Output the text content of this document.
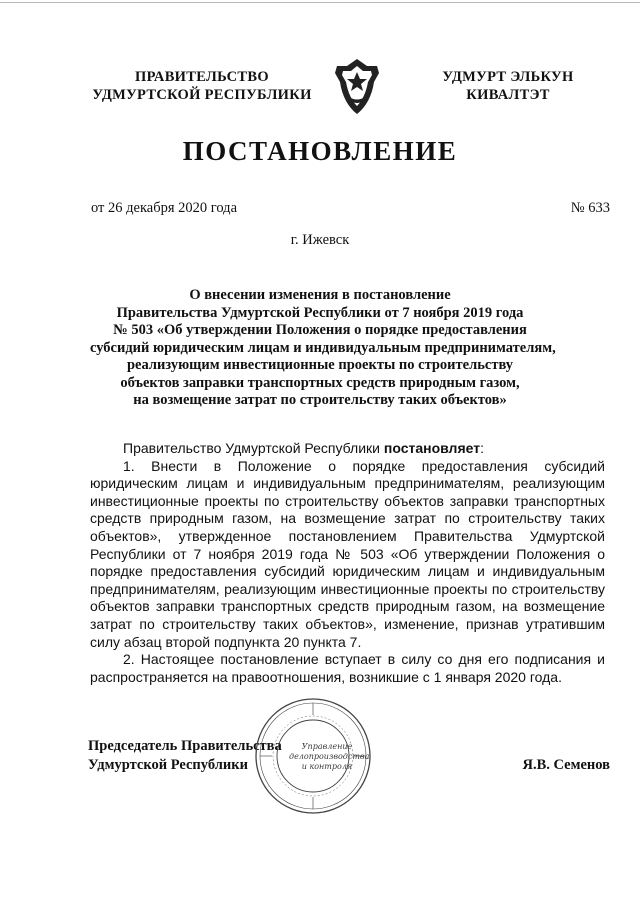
ПРАВИТЕЛЬСТВО
УДМУРТСКОЙ РЕСПУБЛИКИ
УДМУРТ ЭЛЬКУН
КИВАЛТЭТ
ПОСТАНОВЛЕНИЕ
от 26 декабря 2020 года	№ 633
г. Ижевск
О внесении изменения в постановление
Правительства Удмуртской Республики от 7 ноября 2019 года
№ 503 «Об утверждении Положения о порядке предоставления
субсидий юридическим лицам и индивидуальным предпринимателям,
реализующим инвестиционные проекты по строительству
объектов заправки транспортных средств природным газом,
на возмещение затрат по строительству таких объектов»

Правительство Удмуртской Республики постановляет:

1. Внести в Положение о порядке предоставления субсидий юридическим лицам и индивидуальным предпринимателям, реализующим инвестиционные проекты по строительству объектов заправки транспортных средств природным газом, на возмещение затрат по строительству таких объектов», утвержденное постановлением Правительства Удмуртской Республики от 7 ноября 2019 года № 503 «Об утверждении Положения о порядке предоставления субсидий юридическим лицам и индивидуальным предпринимателям, реализующим инвестиционные проекты по строительству объектов заправки транспортных средств природным газом, на возмещение затрат по строительству таких объектов», изменение, признав утратившим силу абзац второй подпункта 20 пункта 7.

2. Настоящее постановление вступает в силу со дня его подписания и распространяется на правоотношения, возникшие с 1 января 2020 года.

Председатель Правительства
Удмуртской Республики
Управление
делопроизводства
и контроля	Я.В. Семенов
